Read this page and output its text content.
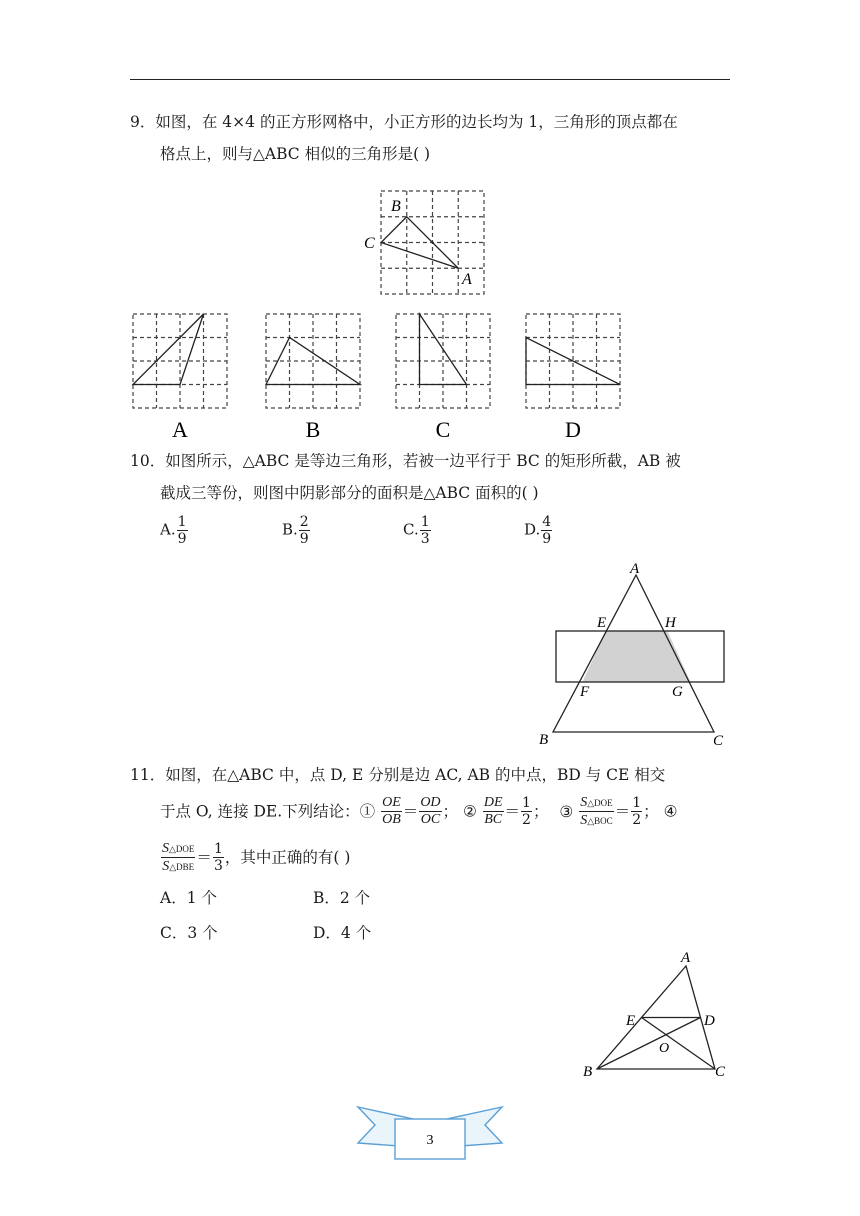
9．如图，在 4×4 的正方形网格中，小正方形的边长均为 1，三角形的顶点都在
格点上，则与△ABC 相似的三角形是( )
B
C
A
A	B	C	D
10．如图所示，△ABC 是等边三角形，若被一边平行于 BC 的矩形所截，AB 被
截成三等份，则图中阴影部分的面积是△ABC 面积的( )
A. $\frac{1}{9}$	B. $\frac{2}{9}$	C. $\frac{1}{3}$	D. $\frac{4}{9}$
A
E	H
F	G
B	C
11．如图，在△ABC 中，点 D, E 分别是边 AC, AB 的中点，BD 与 CE 相交
于点 O, 连接 DE.下列结论：① $\frac{OE}{OB} = \frac{OD}{OC}$ ； ② $\frac{DE}{BC} = \frac{1}{2}$ ； ③ $\frac{\text{S△DOE}}{\text{S△BOC}} = \frac{1}{2}$ ； ④
$\frac{\text{S△DOE}}{\text{S△DBE}} = \frac{1}{3}$ ，其中正确的有( )
A．1 个	B．2 个
C．3 个	D．4 个
A
E	D
O
B	C
3
